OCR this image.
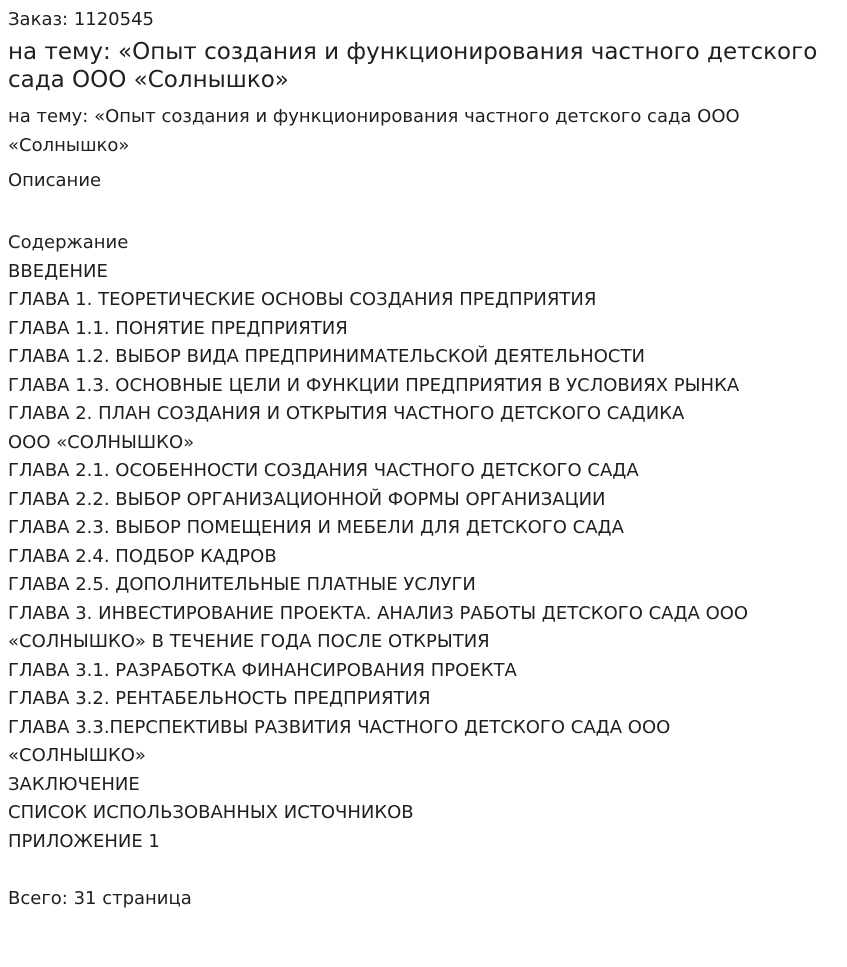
Заказ: 1120545
на тему: «Опыт создания и функционирования частного детского сада ООО «Солнышко»
на тему: «Опыт создания и функционирования частного детского сада ООО «Солнышко»
Описание
Содержание
ВВЕДЕНИЕ
ГЛАВА 1. ТЕОРЕТИЧЕСКИЕ ОСНОВЫ СОЗДАНИЯ ПРЕДПРИЯТИЯ
ГЛАВА 1.1. ПОНЯТИЕ ПРЕДПРИЯТИЯ
ГЛАВА 1.2. ВЫБОР ВИДА ПРЕДПРИНИМАТЕЛЬСКОЙ ДЕЯТЕЛЬНОСТИ
ГЛАВА 1.3. ОСНОВНЫЕ ЦЕЛИ И ФУНКЦИИ ПРЕДПРИЯТИЯ В УСЛОВИЯХ РЫНКА
ГЛАВА 2. ПЛАН СОЗДАНИЯ И ОТКРЫТИЯ ЧАСТНОГО ДЕТСКОГО САДИКА
ООО «СОЛНЫШКО»
ГЛАВА 2.1. ОСОБЕННОСТИ СОЗДАНИЯ ЧАСТНОГО ДЕТСКОГО САДА
ГЛАВА 2.2. ВЫБОР ОРГАНИЗАЦИОННОЙ ФОРМЫ ОРГАНИЗАЦИИ
ГЛАВА 2.3. ВЫБОР ПОМЕЩЕНИЯ И МЕБЕЛИ ДЛЯ ДЕТСКОГО САДА
ГЛАВА 2.4. ПОДБОР КАДРОВ
ГЛАВА 2.5. ДОПОЛНИТЕЛЬНЫЕ ПЛАТНЫЕ УСЛУГИ
ГЛАВА 3. ИНВЕСТИРОВАНИЕ ПРОЕКТА. АНАЛИЗ РАБОТЫ ДЕТСКОГО САДА ООО
«СОЛНЫШКО» В ТЕЧЕНИЕ ГОДА ПОСЛЕ ОТКРЫТИЯ
ГЛАВА 3.1. РАЗРАБОТКА ФИНАНСИРОВАНИЯ ПРОЕКТА
ГЛАВА 3.2. РЕНТАБЕЛЬНОСТЬ ПРЕДПРИЯТИЯ
ГЛАВА 3.3.ПЕРСПЕКТИВЫ РАЗВИТИЯ ЧАСТНОГО ДЕТСКОГО САДА ООО
«СОЛНЫШКО»
ЗАКЛЮЧЕНИЕ
СПИСОК ИСПОЛЬЗОВАННЫХ ИСТОЧНИКОВ
ПРИЛОЖЕНИЕ 1
Всего: 31 страница
